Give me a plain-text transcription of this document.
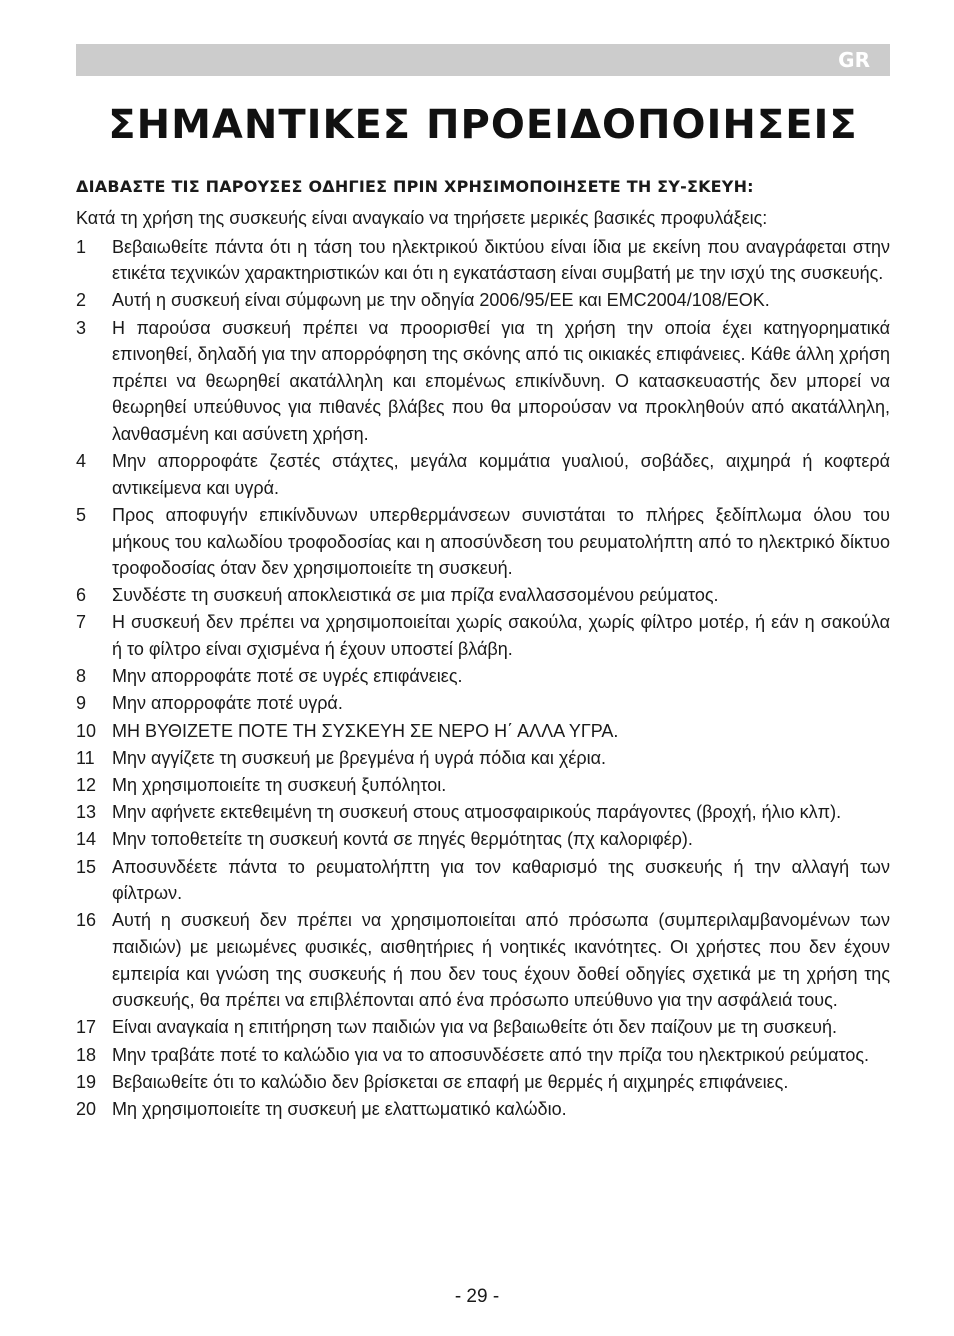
GR
ΣΗΜΑΝΤΙΚΕΣ ΠΡΟΕΙΔΟΠΟΙΗΣΕΙΣ
ΔΙΑΒΑΣΤΕ ΤΙΣ ΠΑΡΟΥΣΕΣ ΟΔΗΓΙΕΣ ΠΡΙΝ ΧΡΗΣΙΜΟΠΟΙΗΣΕΤΕ ΤΗ ΣΥ-ΣΚΕΥΗ:
Κατά τη χρήση της συσκευής είναι αναγκαίο να τηρήσετε μερικές βασικές προφυλάξεις:
1 Βεβαιωθείτε πάντα ότι η τάση του ηλεκτρικού δικτύου είναι ίδια με εκείνη που αναγράφεται στην ετικέτα τεχνικών χαρακτηριστικών και ότι η εγκατάσταση είναι συμβατή με την ισχύ της συσκευής.
2 Αυτή η συσκευή είναι σύμφωνη με την οδηγία 2006/95/ΕΕ και EMC2004/108/ΕΟΚ.
3 Η παρούσα συσκευή πρέπει να προορισθεί για τη χρήση την οποία έχει κατηγορηματικά επινοηθεί, δηλαδή για την απορρόφηση της σκόνης από τις οικιακές επιφάνειες. Κάθε άλλη χρήση πρέπει να θεωρηθεί ακατάλληλη και επομένως επικίνδυνη. Ο κατασκευαστής δεν μπορεί να θεωρηθεί υπεύθυνος για πιθανές βλάβες που θα μπορούσαν να προκληθούν από ακατάλληλη, λανθασμένη και ασύνετη χρήση.
4 Μην απορροφάτε ζεστές στάχτες, μεγάλα κομμάτια γυαλιού, σοβάδες, αιχμηρά ή κοφτερά αντικείμενα και υγρά.
5 Προς αποφυγήν επικίνδυνων υπερθερμάνσεων συνιστάται το πλήρες ξεδίπλωμα όλου του μήκους του καλωδίου τροφοδοσίας και η αποσύνδεση του ρευματολήπτη από το ηλεκτρικό δίκτυο τροφοδοσίας όταν δεν χρησιμοποιείτε τη συσκευή.
6 Συνδέστε τη συσκευή αποκλειστικά σε μια πρίζα εναλλασσομένου ρεύματος.
7 Η συσκευή δεν πρέπει να χρησιμοποιείται χωρίς σακούλα, χωρίς φίλτρο μοτέρ, ή εάν η σακούλα ή το φίλτρο είναι σχισμένα ή έχουν υποστεί βλάβη.
8 Μην απορροφάτε ποτέ σε υγρές επιφάνειες.
9 Μην απορροφάτε ποτέ υγρά.
10 ΜΗ ΒΥΘΙΖΕΤΕ ΠΟΤΕ ΤΗ ΣΥΣΚΕΥΗ ΣΕ ΝΕΡΟ Η΄ ΑΛΛΑ ΥΓΡΑ.
11 Μην αγγίζετε τη συσκευή με βρεγμένα ή υγρά πόδια και χέρια.
12 Μη χρησιμοποιείτε τη συσκευή ξυπόλητοι.
13 Μην αφήνετε εκτεθειμένη τη συσκευή στους ατμοσφαιρικούς παράγοντες (βροχή, ήλιο κλπ).
14 Μην τοποθετείτε τη συσκευή κοντά σε πηγές θερμότητας (πχ καλοριφέρ).
15 Αποσυνδέετε πάντα το ρευματολήπτη για τον καθαρισμό της συσκευής ή την αλλαγή των φίλτρων.
16 Αυτή η συσκευή δεν πρέπει να χρησιμοποιείται από πρόσωπα (συμπεριλαμβανομένων των παιδιών) με μειωμένες φυσικές, αισθητήριες ή νοητικές ικανότητες. Οι χρήστες που δεν έχουν εμπειρία και γνώση της συσκευής ή που δεν τους έχουν δοθεί οδηγίες σχετικά με τη χρήση της συσκευής, θα πρέπει να επιβλέπονται από ένα πρόσωπο υπεύθυνο για την ασφάλειά τους.
17 Είναι αναγκαία η επιτήρηση των παιδιών για να βεβαιωθείτε ότι δεν παίζουν με τη συσκευή.
18 Μην τραβάτε ποτέ το καλώδιο για να το αποσυνδέσετε από την πρίζα του ηλεκτρικού ρεύματος.
19 Βεβαιωθείτε ότι το καλώδιο δεν βρίσκεται σε επαφή με θερμές ή αιχμηρές επιφάνειες.
20 Μη χρησιμοποιείτε τη συσκευή με ελαττωματικό καλώδιο.
- 29 -
